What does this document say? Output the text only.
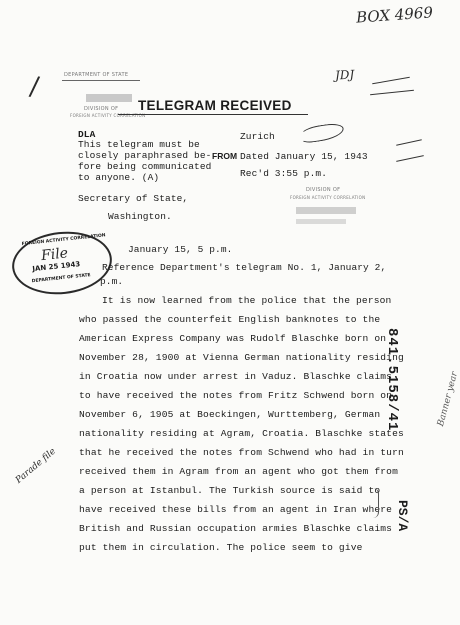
BOX 4969
/	DEPARTMENT OF STATE
DIVISION OF
FOREIGN ACTIVITY CORRELATION
TELEGRAM RECEIVED
JDJ
DLA
This telegram must be
closely paraphrased be-
fore being communicated
to anyone. (A)
Zurich
FROM Dated January 15, 1943
Rec'd 3:55 p.m.
DIVISION OF
FOREIGN ACTIVITY CORRELATION
Secretary of State,
Washington.
FOREIGN ACTIVITY CORRELATION
File
JAN 25 1943
DEPARTMENT OF STATE
January 15, 5 p.m.
Reference Department's telegram No. 1, January 2,
p.m.
It is now learned from the police that the person
who passed the counterfeit English banknotes to the
American Express Company was Rudolf Blaschke born on
November 28, 1900 at Vienna German nationality residing
in Croatia now under arrest in Vaduz. Blaschke claims
to have received the notes from Fritz Schwend born on
November 6, 1905 at Boeckingen, Wurttemberg, German
nationality residing at Agram, Croatia. Blaschke states
that he received the notes from Schwend who had in turn
received them in Agram from an agent who got them from
a person at Istanbul. The Turkish source is said to
have received these bills from an agent in Iran where
British and Russian occupation armies Blaschke claims
put them in circulation. The police seem to give
841.5158/41
PS/A
Parade file
Banner year
